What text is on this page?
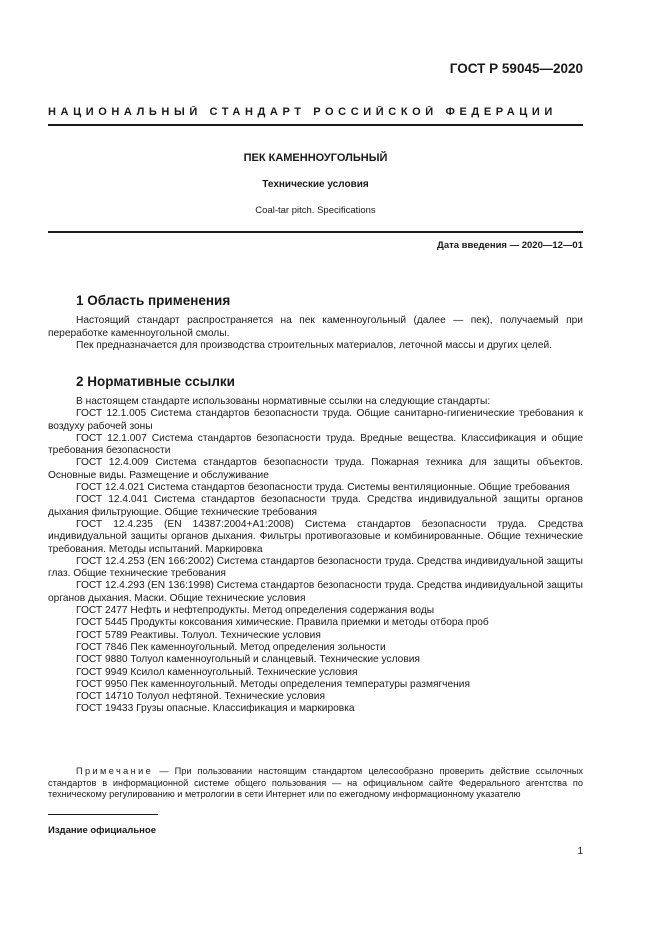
ГОСТ Р 59045—2020
НАЦИОНАЛЬНЫЙ СТАНДАРТ РОССИЙСКОЙ ФЕДЕРАЦИИ
ПЕК КАМЕННОУГОЛЬНЫЙ
Технические условия
Coal-tar pitch. Specifications
Дата введения — 2020—12—01
1 Область применения

Настоящий стандарт распространяется на пек каменноугольный (далее — пек), получаемый при переработке каменноугольной смолы.

Пек предназначается для производства строительных материалов, леточной массы и других целей.

2 Нормативные ссылки

В настоящем стандарте использованы нормативные ссылки на следующие стандарты:

ГОСТ 12.1.005 Система стандартов безопасности труда. Общие санитарно-гигиенические требования к воздуху рабочей зоны

ГОСТ 12.1.007 Система стандартов безопасности труда. Вредные вещества. Классификация и общие требования безопасности

ГОСТ 12.4.009 Система стандартов безопасности труда. Пожарная техника для защиты объектов. Основные виды. Размещение и обслуживание

ГОСТ 12.4.021 Система стандартов безопасности труда. Системы вентиляционные. Общие требования

ГОСТ 12.4.041 Система стандартов безопасности труда. Средства индивидуальной защиты органов дыхания фильтрующие. Общие технические требования

ГОСТ 12.4.235 (EN 14387:2004+A1:2008) Система стандартов безопасности труда. Средства индивидуальной защиты органов дыхания. Фильтры противогазовые и комбинированные. Общие технические требования. Методы испытаний. Маркировка

ГОСТ 12.4.253 (EN 166:2002) Система стандартов безопасности труда. Средства индивидуальной защиты глаз. Общие технические требования

ГОСТ 12.4.293 (EN 136:1998) Система стандартов безопасности труда. Средства индивидуальной защиты органов дыхания. Маски. Общие технические условия

ГОСТ 2477 Нефть и нефтепродукты. Метод определения содержания воды

ГОСТ 5445 Продукты коксования химические. Правила приемки и методы отбора проб

ГОСТ 5789 Реактивы. Толуол. Технические условия

ГОСТ 7846 Пек каменноугольный. Метод определения зольности

ГОСТ 9880 Толуол каменноугольный и сланцевый. Технические условия

ГОСТ 9949 Ксилол каменноугольный. Технические условия

ГОСТ 9950 Пек каменноугольный. Методы определения температуры размягчения

ГОСТ 14710 Толуол нефтяной. Технические условия

ГОСТ 19433 Грузы опасные. Классификация и маркировка

Примечание — При пользовании настоящим стандартом целесообразно проверить действие ссылочных стандартов в информационной системе общего пользования — на официальном сайте Федерального агентства по техническому регулированию и метрологии в сети Интернет или по ежегодному информационному указателю

Издание официальное
1
